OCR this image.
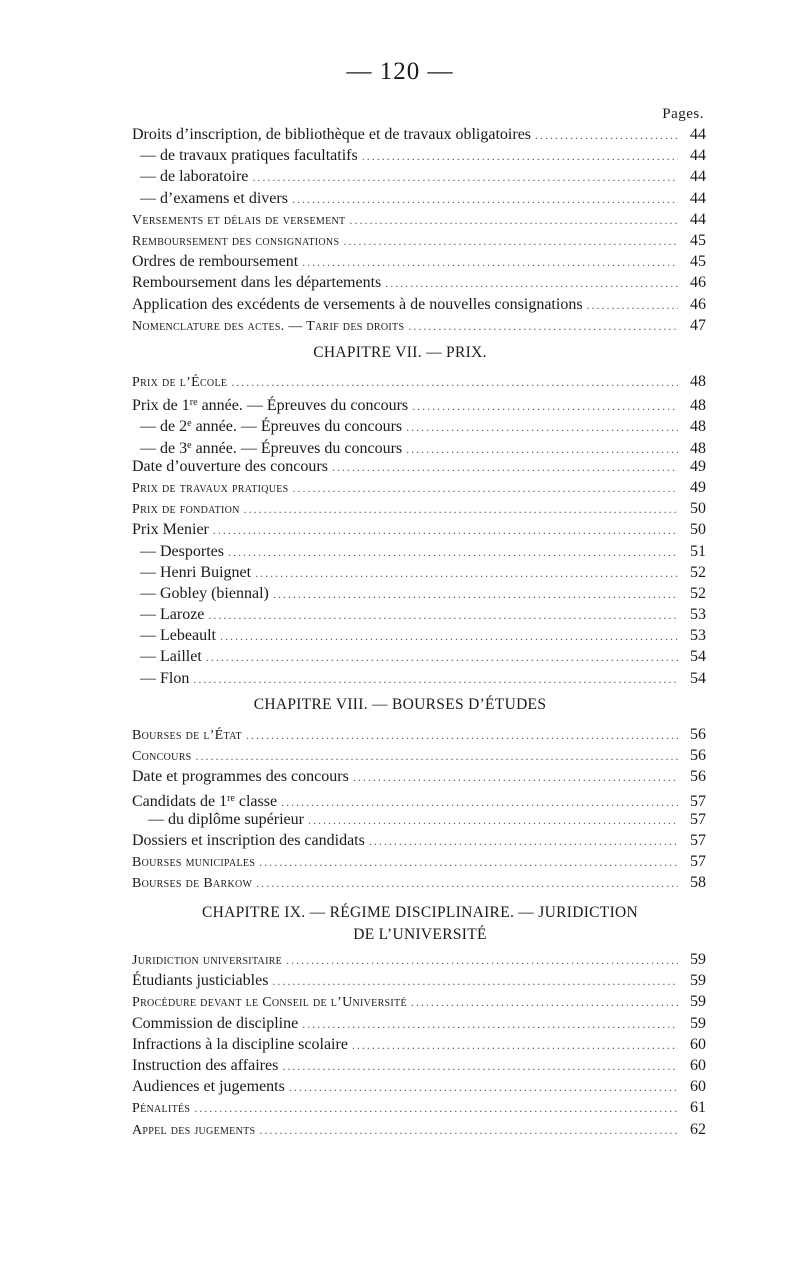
— 120 —
Pages.
Droits d’inscription, de bibliothèque et de travaux obligatoires . . .	44
— de travaux pratiques facultatifs . . .	44
— de laboratoire . . .	44
— d’examens et divers . . .	44
Versements et délais de versement . . .	44
Remboursement des consignations . . .	45
Ordres de remboursement . . .	45
Remboursement dans les départements . . .	46
Application des excédents de versements à de nouvelles consignations . . .	46
Nomenclature des actes. — Tarif des droits . . .	47
CHAPITRE VII. — PRIX.
Prix de l’École . . .	48
Prix de 1re année. — Épreuves du concours . . .	48
— de 2e année. — Épreuves du concours . . .	48
— de 3e année. — Épreuves du concours . . .	48
Date d’ouverture des concours . . .	49
Prix de travaux pratiques . . .	49
Prix de fondation . . .	50
Prix Menier . . .	50
— Desportes . . .	51
— Henri Buignet . . .	52
— Gobley (biennal) . . .	52
— Laroze . . .	53
— Lebeault . . .	53
— Laillet . . .	54
— Flon . . .	54
CHAPITRE VIII. — BOURSES D’ÉTUDES
Bourses de l’État . . .	56
Concours . . .	56
Date et programmes des concours . . .	56
Candidats de 1re classe . . .	57
— du diplôme supérieur . . .	57
Dossiers et inscription des candidats . . .	57
Bourses municipales . . .	57
Bourses de Barkow . . .	58
CHAPITRE IX. — RÉGIME DISCIPLINAIRE. — JURIDICTION
DE L’UNIVERSITÉ
Juridiction universitaire . . .	59
Étudiants justiciables . . .	59
Procédure devant le Conseil de l’Université . . .	59
Commission de discipline . . .	59
Infractions à la discipline scolaire . . .	60
Instruction des affaires . . .	60
Audiences et jugements . . .	60
Pénalités . . .	61
Appel des jugements . . .	62
